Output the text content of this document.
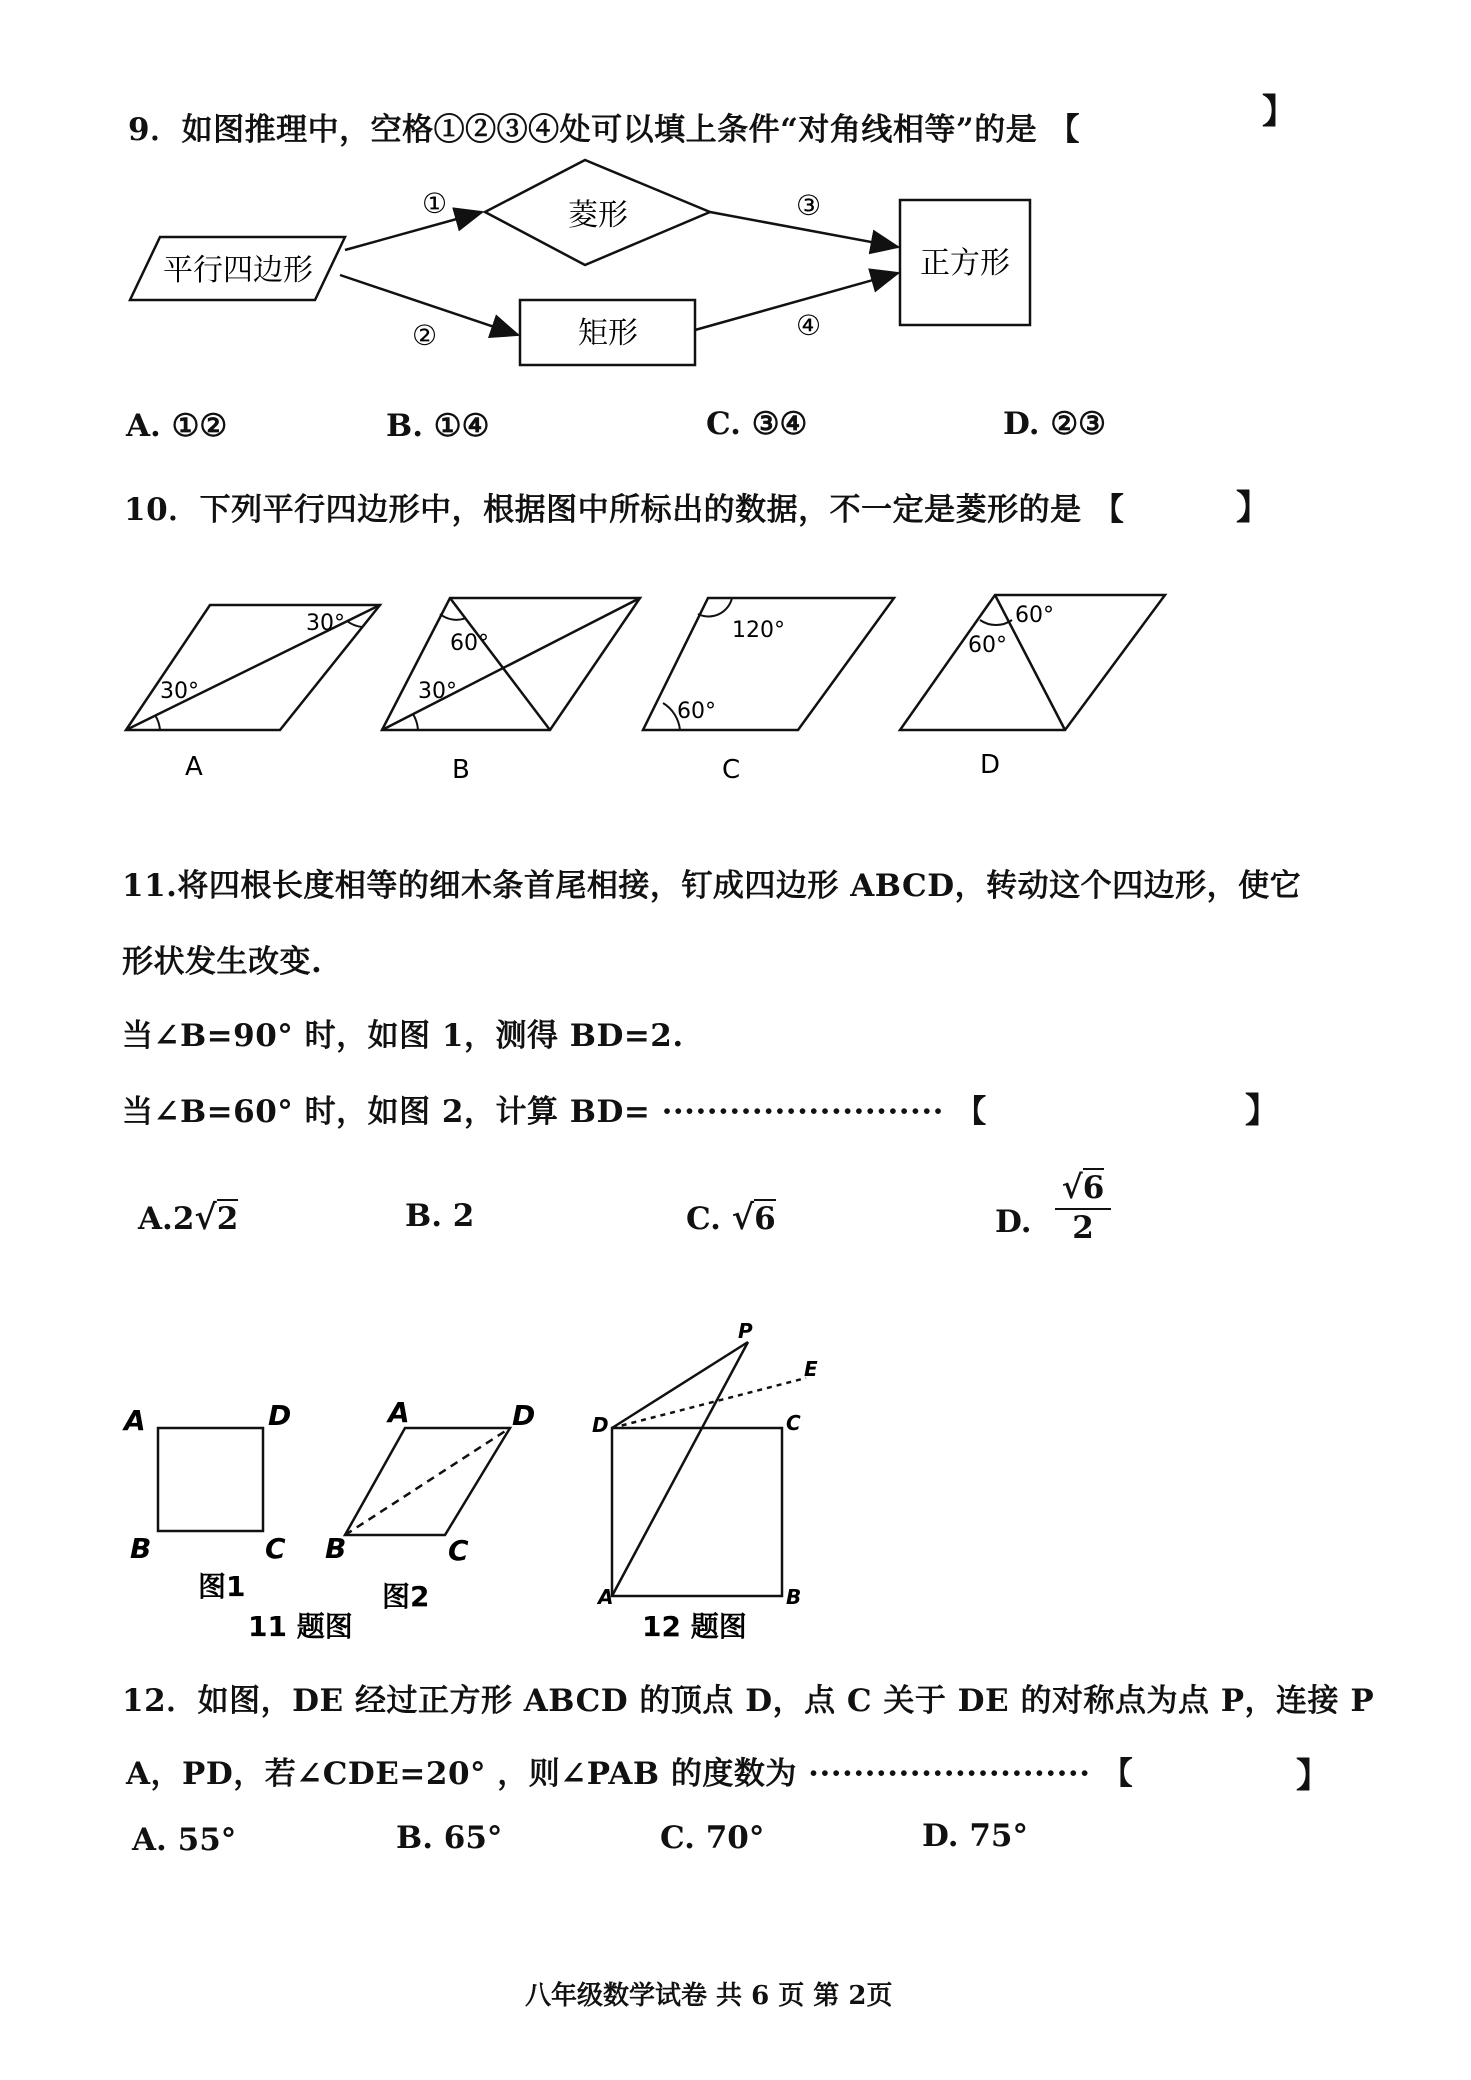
9．如图推理中，空格①②③④处可以填上条件“对角线相等”的是 【	】
平行四边形
菱形
矩形
正方形
①
②
③
④
A. ①②	B. ①④	C. ③④	D. ②③
10．下列平行四边形中，根据图中所标出的数据，不一定是菱形的是 【	】
30°
30°
A
60°
30°
B
120°
60°
C
60°
60°
D
11.将四根长度相等的细木条首尾相接，钉成四边形 ABCD，转动这个四边形，使它
形状发生改变.
当∠B=90° 时，如图 1，测得 BD=2.
当∠B=60° 时，如图 2，计算 BD= ························· 【	】
A.2√2	B. 2	C. √6	D.
√6
2
A	D
B	C
图1
A	D
B	C
图2
11 题图
P
E
D	C
A	B
12 题图
12．如图，DE 经过正方形 ABCD 的顶点 D，点 C 关于 DE 的对称点为点 P，连接 P
A，PD，若∠CDE=20° ，则∠PAB 的度数为 ························· 【	】
A. 55°	B. 65°	C. 70°	D. 75°
八年级数学试卷 共 6 页 第 2页
